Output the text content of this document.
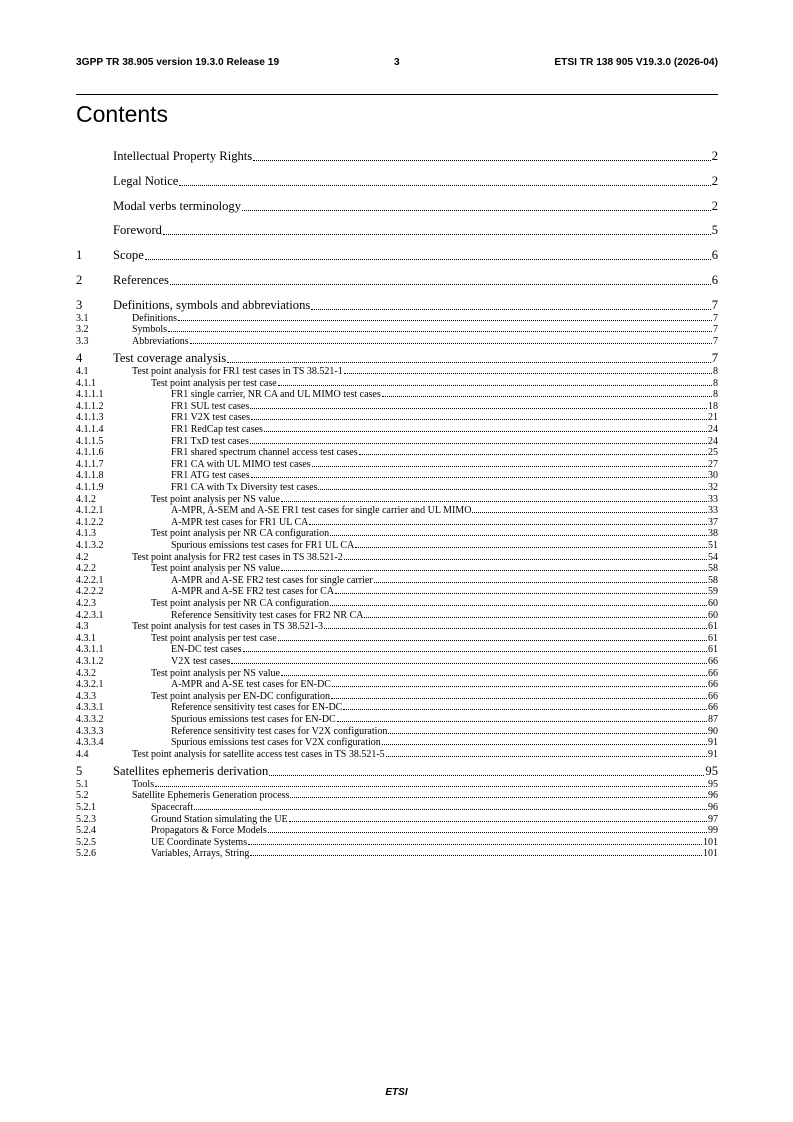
3GPP TR 38.905 version 19.3.0 Release 19	3	ETSI TR 138 905 V19.3.0 (2026-04)
Contents
Intellectual Property Rights	2
Legal Notice	2
Modal verbs terminology	2
Foreword	5
1	Scope	6
2	References	6
3	Definitions, symbols and abbreviations	7
3.1	Definitions	7
3.2	Symbols	7
3.3	Abbreviations	7
4	Test coverage analysis	7
4.1	Test point analysis for FR1 test cases in TS 38.521-1	8
4.1.1	Test point analysis per test case	8
4.1.1.1	FR1 single carrier, NR CA and UL MIMO test cases	8
4.1.1.2	FR1 SUL test cases	18
4.1.1.3	FR1 V2X test cases	21
4.1.1.4	FR1 RedCap test cases	24
4.1.1.5	FR1 TxD test cases	24
4.1.1.6	FR1 shared spectrum channel access test cases	25
4.1.1.7	FR1 CA with UL MIMO test cases	27
4.1.1.8	FR1 ATG test cases	30
4.1.1.9	FR1 CA with Tx Diversity test cases	32
4.1.2	Test point analysis per NS value	33
4.1.2.1	A-MPR, A-SEM and A-SE FR1 test cases for single carrier and UL MIMO	33
4.1.2.2	A-MPR test cases for FR1 UL CA	37
4.1.3	Test point analysis per NR CA configuration	38
4.1.3.2	Spurious emissions test cases for FR1 UL CA	51
4.2	Test point analysis for FR2 test cases in TS 38.521-2	54
4.2.2	Test point analysis per NS value	58
4.2.2.1	A-MPR and A-SE FR2 test cases for single carrier	58
4.2.2.2	A-MPR and A-SE FR2 test cases for CA	59
4.2.3	Test point analysis per NR CA configuration	60
4.2.3.1	Reference Sensitivity test cases for FR2 NR CA	60
4.3	Test point analysis for test cases in TS 38.521-3	61
4.3.1	Test point analysis per test case	61
4.3.1.1	EN-DC test cases	61
4.3.1.2	V2X test cases	66
4.3.2	Test point analysis per NS value	66
4.3.2.1	A-MPR and A-SE test cases for EN-DC	66
4.3.3	Test point analysis per EN-DC configuration	66
4.3.3.1	Reference sensitivity test cases for EN-DC	66
4.3.3.2	Spurious emissions test cases for EN-DC	87
4.3.3.3	Reference sensitivity test cases for V2X configuration	90
4.3.3.4	Spurious emissions test cases for V2X configuration	91
4.4	Test point analysis for satellite access test cases in TS 38.521-5	91
5	Satellites ephemeris derivation	95
5.1	Tools	95
5.2	Satellite Ephemeris Generation process	96
5.2.1	Spacecraft	96
5.2.3	Ground Station simulating the UE	97
5.2.4	Propagators & Force Models	99
5.2.5	UE Coordinate Systems	101
5.2.6	Variables, Arrays, String	101
ETSI
